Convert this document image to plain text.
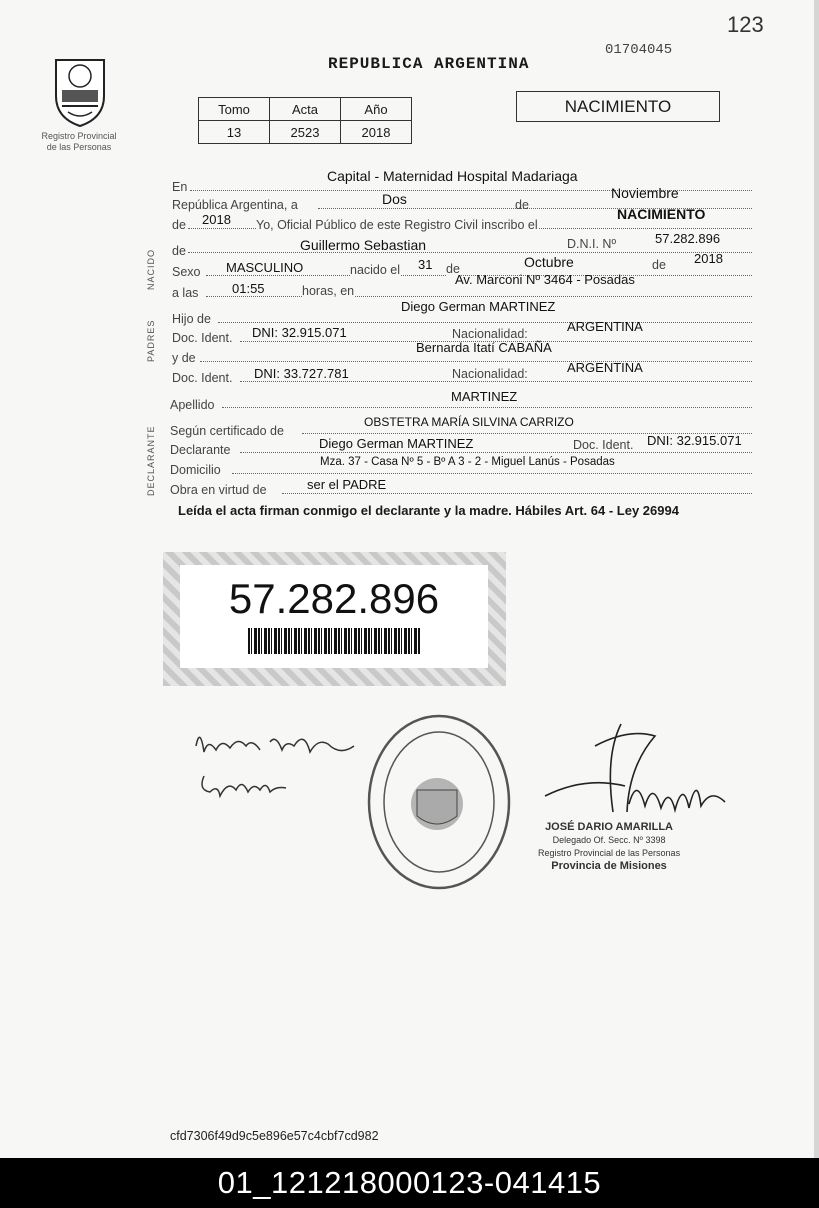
123
REPUBLICA ARGENTINA
01704045
Registro Provincial
de las Personas
Tomo	Acta	Año
13	2523	2018
NACIMIENTO
NACIDO
PADRES
DECLARANTE
En
Capital - Maternidad Hospital Madariaga
República Argentina, a	Dos	de
Noviembre
de 2018 Yo, Oficial Público de este Registro Civil inscribo el
NACIMIENTO
de	Guillermo Sebastian	D.N.I. Nº	57.282.896
Sexo MASCULINO	nacido el 31 de	Octubre	de 2018
a las	01:55	horas, en
Av. Marconi Nº 3464 - Posadas
Hijo de
Diego German MARTINEZ
Doc. Ident. DNI: 32.915.071	Nacionalidad:	ARGENTINA
y de
Bernarda Itatí CABAÑA
Doc. Ident. DNI: 33.727.781	Nacionalidad:	ARGENTINA
Apellido
MARTINEZ
Según certificado de
OBSTETRA MARÍA SILVINA CARRIZO
Declarante	Diego German MARTINEZ	Doc. Ident. DNI: 32.915.071
Domicilio
Mza. 37 - Casa Nº 5 - Bº A 3 - 2 - Miguel Lanús - Posadas
Obra en virtud de	ser el PADRE
Leída el acta firman conmigo el declarante y la madre. Hábiles Art. 64 - Ley 26994
57.282.896
JOSÉ DARIO AMARILLA
Delegado Of. Secc. Nº 3398
Registro Provincial de las Personas
Provincia de Misiones
cfd7306f49d9c5e896e57c4cbf7cd982
01_121218000123-041415
